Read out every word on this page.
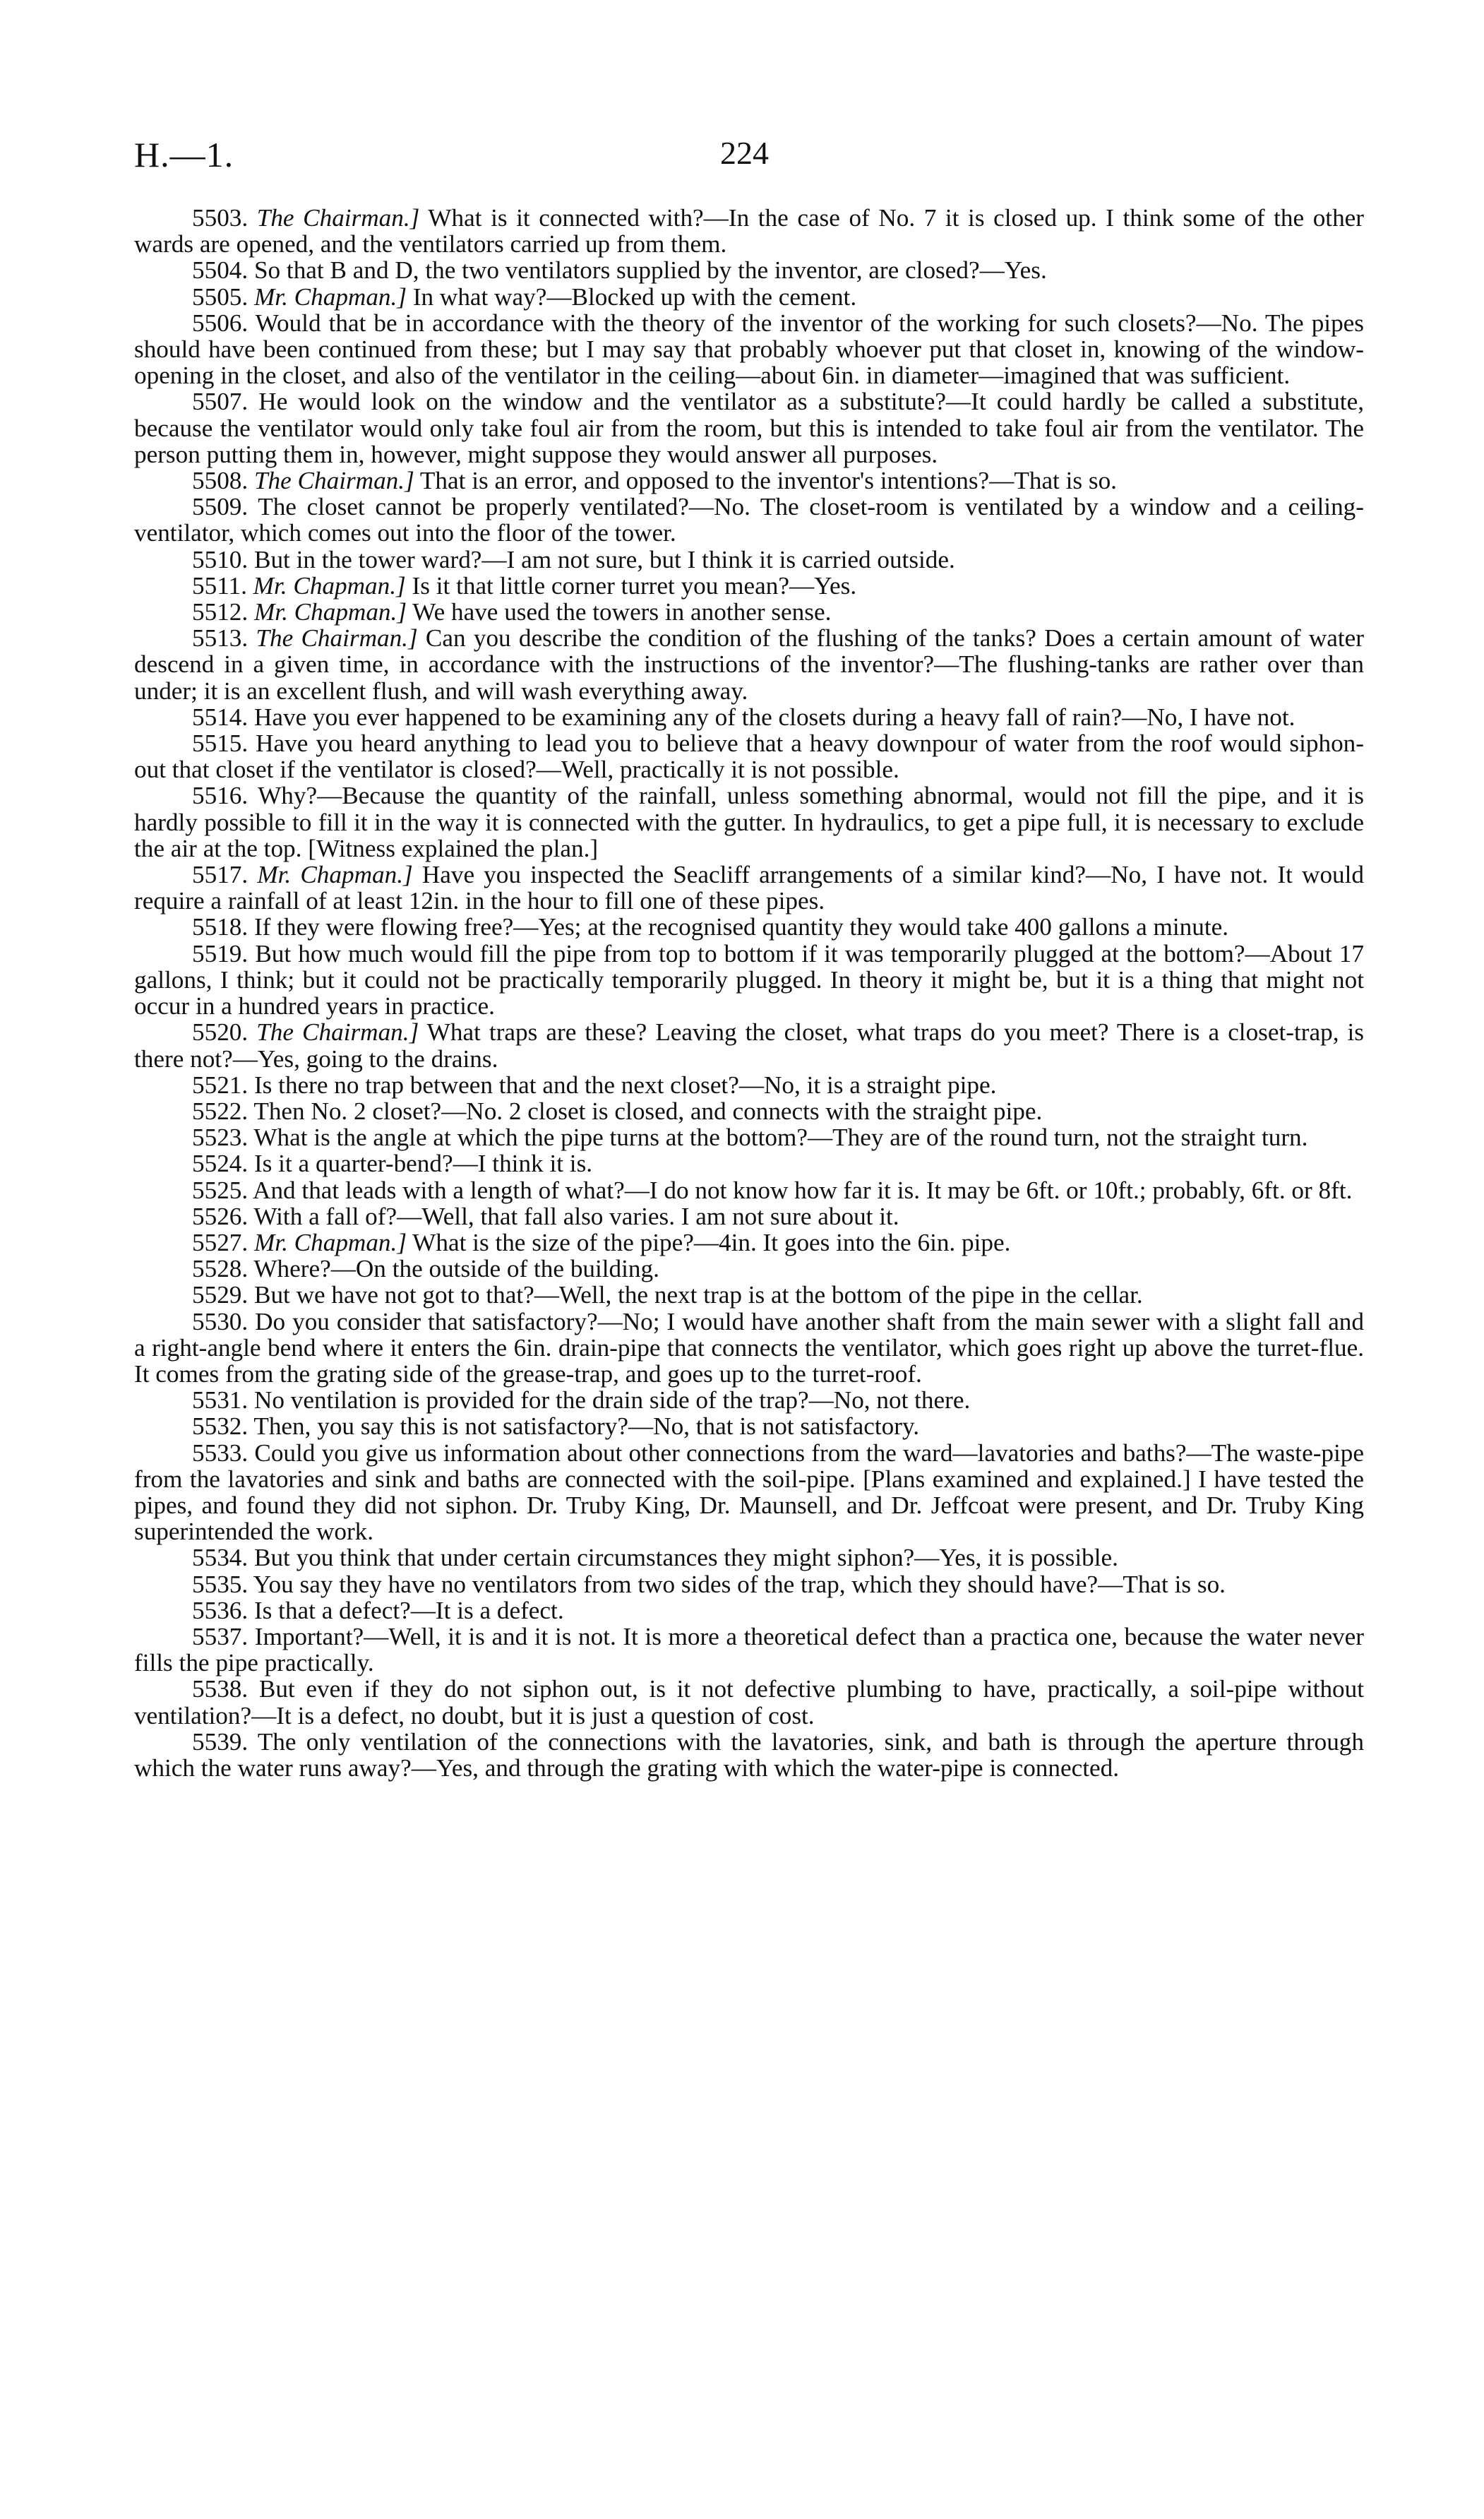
H.—1.	224

5503. The Chairman.] What is it connected with?—In the case of No. 7 it is closed up. I think some of the other wards are opened, and the ventilators carried up from them.

5504. So that B and D, the two ventilators supplied by the inventor, are closed?—Yes.

5505. Mr. Chapman.] In what way?—Blocked up with the cement.

5506. Would that be in accordance with the theory of the inventor of the working for such closets?—No. The pipes should have been continued from these; but I may say that probably whoever put that closet in, knowing of the window-opening in the closet, and also of the ventilator in the ceiling—about 6in. in diameter—imagined that was sufficient.

5507. He would look on the window and the ventilator as a substitute?—It could hardly be called a substitute, because the ventilator would only take foul air from the room, but this is intended to take foul air from the ventilator. The person putting them in, however, might suppose they would answer all purposes.

5508. The Chairman.] That is an error, and opposed to the inventor's intentions?—That is so.

5509. The closet cannot be properly ventilated?—No. The closet-room is ventilated by a window and a ceiling-ventilator, which comes out into the floor of the tower.

5510. But in the tower ward?—I am not sure, but I think it is carried outside.

5511. Mr. Chapman.] Is it that little corner turret you mean?—Yes.

5512. Mr. Chapman.] We have used the towers in another sense.

5513. The Chairman.] Can you describe the condition of the flushing of the tanks? Does a certain amount of water descend in a given time, in accordance with the instructions of the inventor?—The flushing-tanks are rather over than under; it is an excellent flush, and will wash everything away.

5514. Have you ever happened to be examining any of the closets during a heavy fall of rain?—No, I have not.

5515. Have you heard anything to lead you to believe that a heavy downpour of water from the roof would siphon-out that closet if the ventilator is closed?—Well, practically it is not possible.

5516. Why?—Because the quantity of the rainfall, unless something abnormal, would not fill the pipe, and it is hardly possible to fill it in the way it is connected with the gutter. In hydraulics, to get a pipe full, it is necessary to exclude the air at the top. [Witness explained the plan.]

5517. Mr. Chapman.] Have you inspected the Seacliff arrangements of a similar kind?—No, I have not. It would require a rainfall of at least 12in. in the hour to fill one of these pipes.

5518. If they were flowing free?—Yes; at the recognised quantity they would take 400 gallons a minute.

5519. But how much would fill the pipe from top to bottom if it was temporarily plugged at the bottom?—About 17 gallons, I think; but it could not be practically temporarily plugged. In theory it might be, but it is a thing that might not occur in a hundred years in practice.

5520. The Chairman.] What traps are these? Leaving the closet, what traps do you meet? There is a closet-trap, is there not?—Yes, going to the drains.

5521. Is there no trap between that and the next closet?—No, it is a straight pipe.

5522. Then No. 2 closet?—No. 2 closet is closed, and connects with the straight pipe.

5523. What is the angle at which the pipe turns at the bottom?—They are of the round turn, not the straight turn.

5524. Is it a quarter-bend?—I think it is.

5525. And that leads with a length of what?—I do not know how far it is. It may be 6ft. or 10ft.; probably, 6ft. or 8ft.

5526. With a fall of?—Well, that fall also varies. I am not sure about it.

5527. Mr. Chapman.] What is the size of the pipe?—4in. It goes into the 6in. pipe.

5528. Where?—On the outside of the building.

5529. But we have not got to that?—Well, the next trap is at the bottom of the pipe in the cellar.

5530. Do you consider that satisfactory?—No; I would have another shaft from the main sewer with a slight fall and a right-angle bend where it enters the 6in. drain-pipe that connects the ventilator, which goes right up above the turret-flue. It comes from the grating side of the grease-trap, and goes up to the turret-roof.

5531. No ventilation is provided for the drain side of the trap?—No, not there.

5532. Then, you say this is not satisfactory?—No, that is not satisfactory.

5533. Could you give us information about other connections from the ward—lavatories and baths?—The waste-pipe from the lavatories and sink and baths are connected with the soil-pipe. [Plans examined and explained.] I have tested the pipes, and found they did not siphon. Dr. Truby King, Dr. Maunsell, and Dr. Jeffcoat were present, and Dr. Truby King superintended the work.

5534. But you think that under certain circumstances they might siphon?—Yes, it is possible.

5535. You say they have no ventilators from two sides of the trap, which they should have?—That is so.

5536. Is that a defect?—It is a defect.

5537. Important?—Well, it is and it is not. It is more a theoretical defect than a practica one, because the water never fills the pipe practically.

5538. But even if they do not siphon out, is it not defective plumbing to have, practically, a soil-pipe without ventilation?—It is a defect, no doubt, but it is just a question of cost.

5539. The only ventilation of the connections with the lavatories, sink, and bath is through the aperture through which the water runs away?—Yes, and through the grating with which the water-pipe is connected.
